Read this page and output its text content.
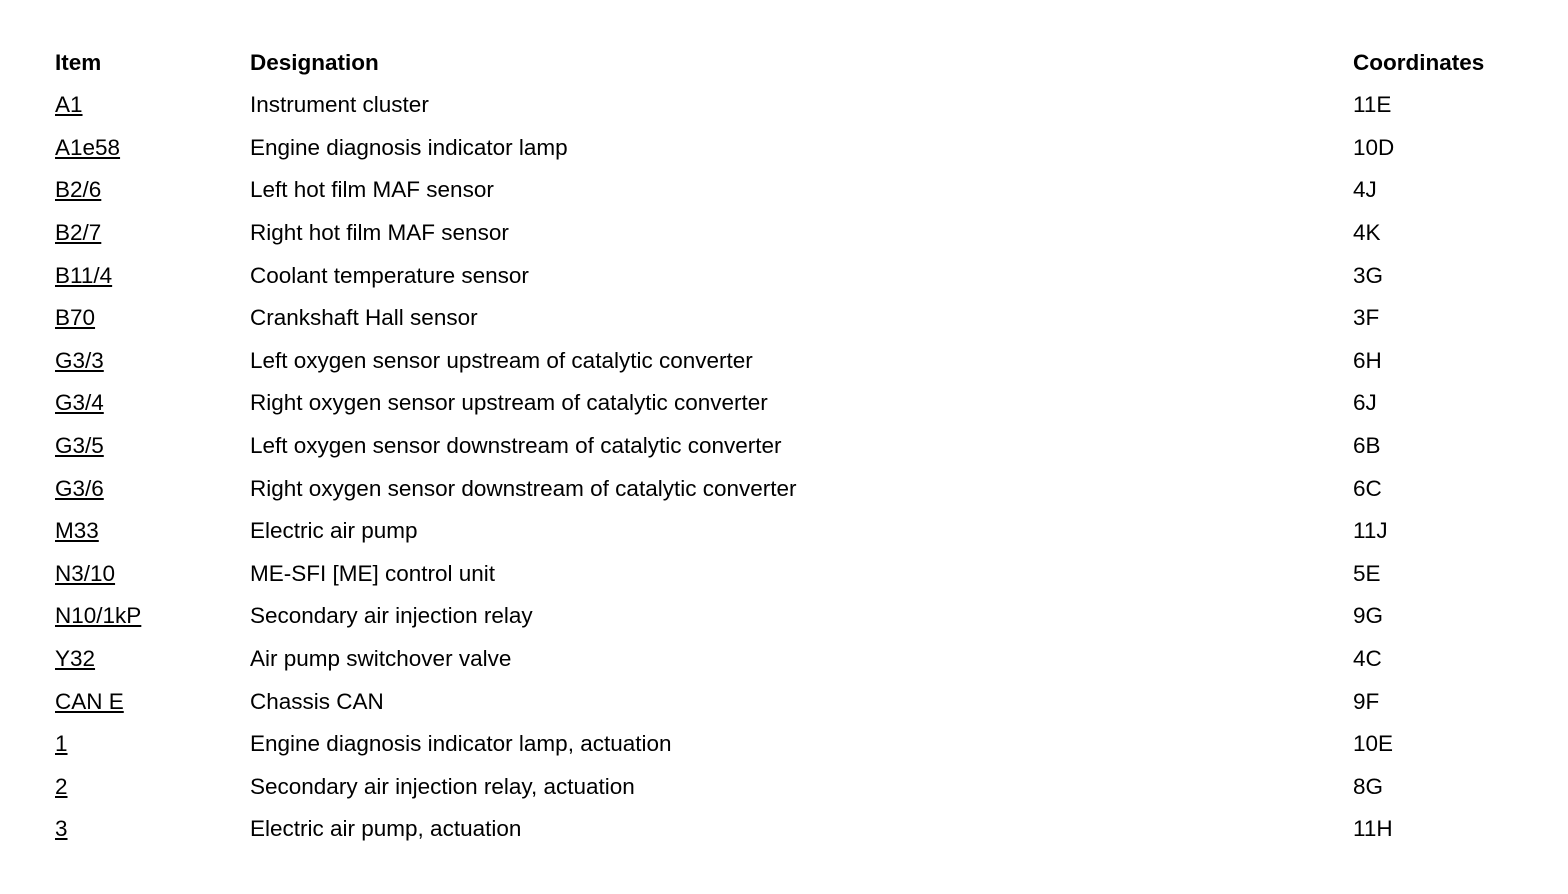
Item	Designation	Coordinates
A1	Instrument cluster	11E
A1e58	Engine diagnosis indicator lamp	10D
B2/6	Left hot film MAF sensor	4J
B2/7	Right hot film MAF sensor	4K
B11/4	Coolant temperature sensor	3G
B70	Crankshaft Hall sensor	3F
G3/3	Left oxygen sensor upstream of catalytic converter	6H
G3/4	Right oxygen sensor upstream of catalytic converter	6J
G3/5	Left oxygen sensor downstream of catalytic converter	6B
G3/6	Right oxygen sensor downstream of catalytic converter	6C
M33	Electric air pump	11J
N3/10	ME-SFI [ME] control unit	5E
N10/1kP	Secondary air injection relay	9G
Y32	Air pump switchover valve	4C
CAN E	Chassis CAN	9F
1	Engine diagnosis indicator lamp, actuation	10E
2	Secondary air injection relay, actuation	8G
3	Electric air pump, actuation	11H
